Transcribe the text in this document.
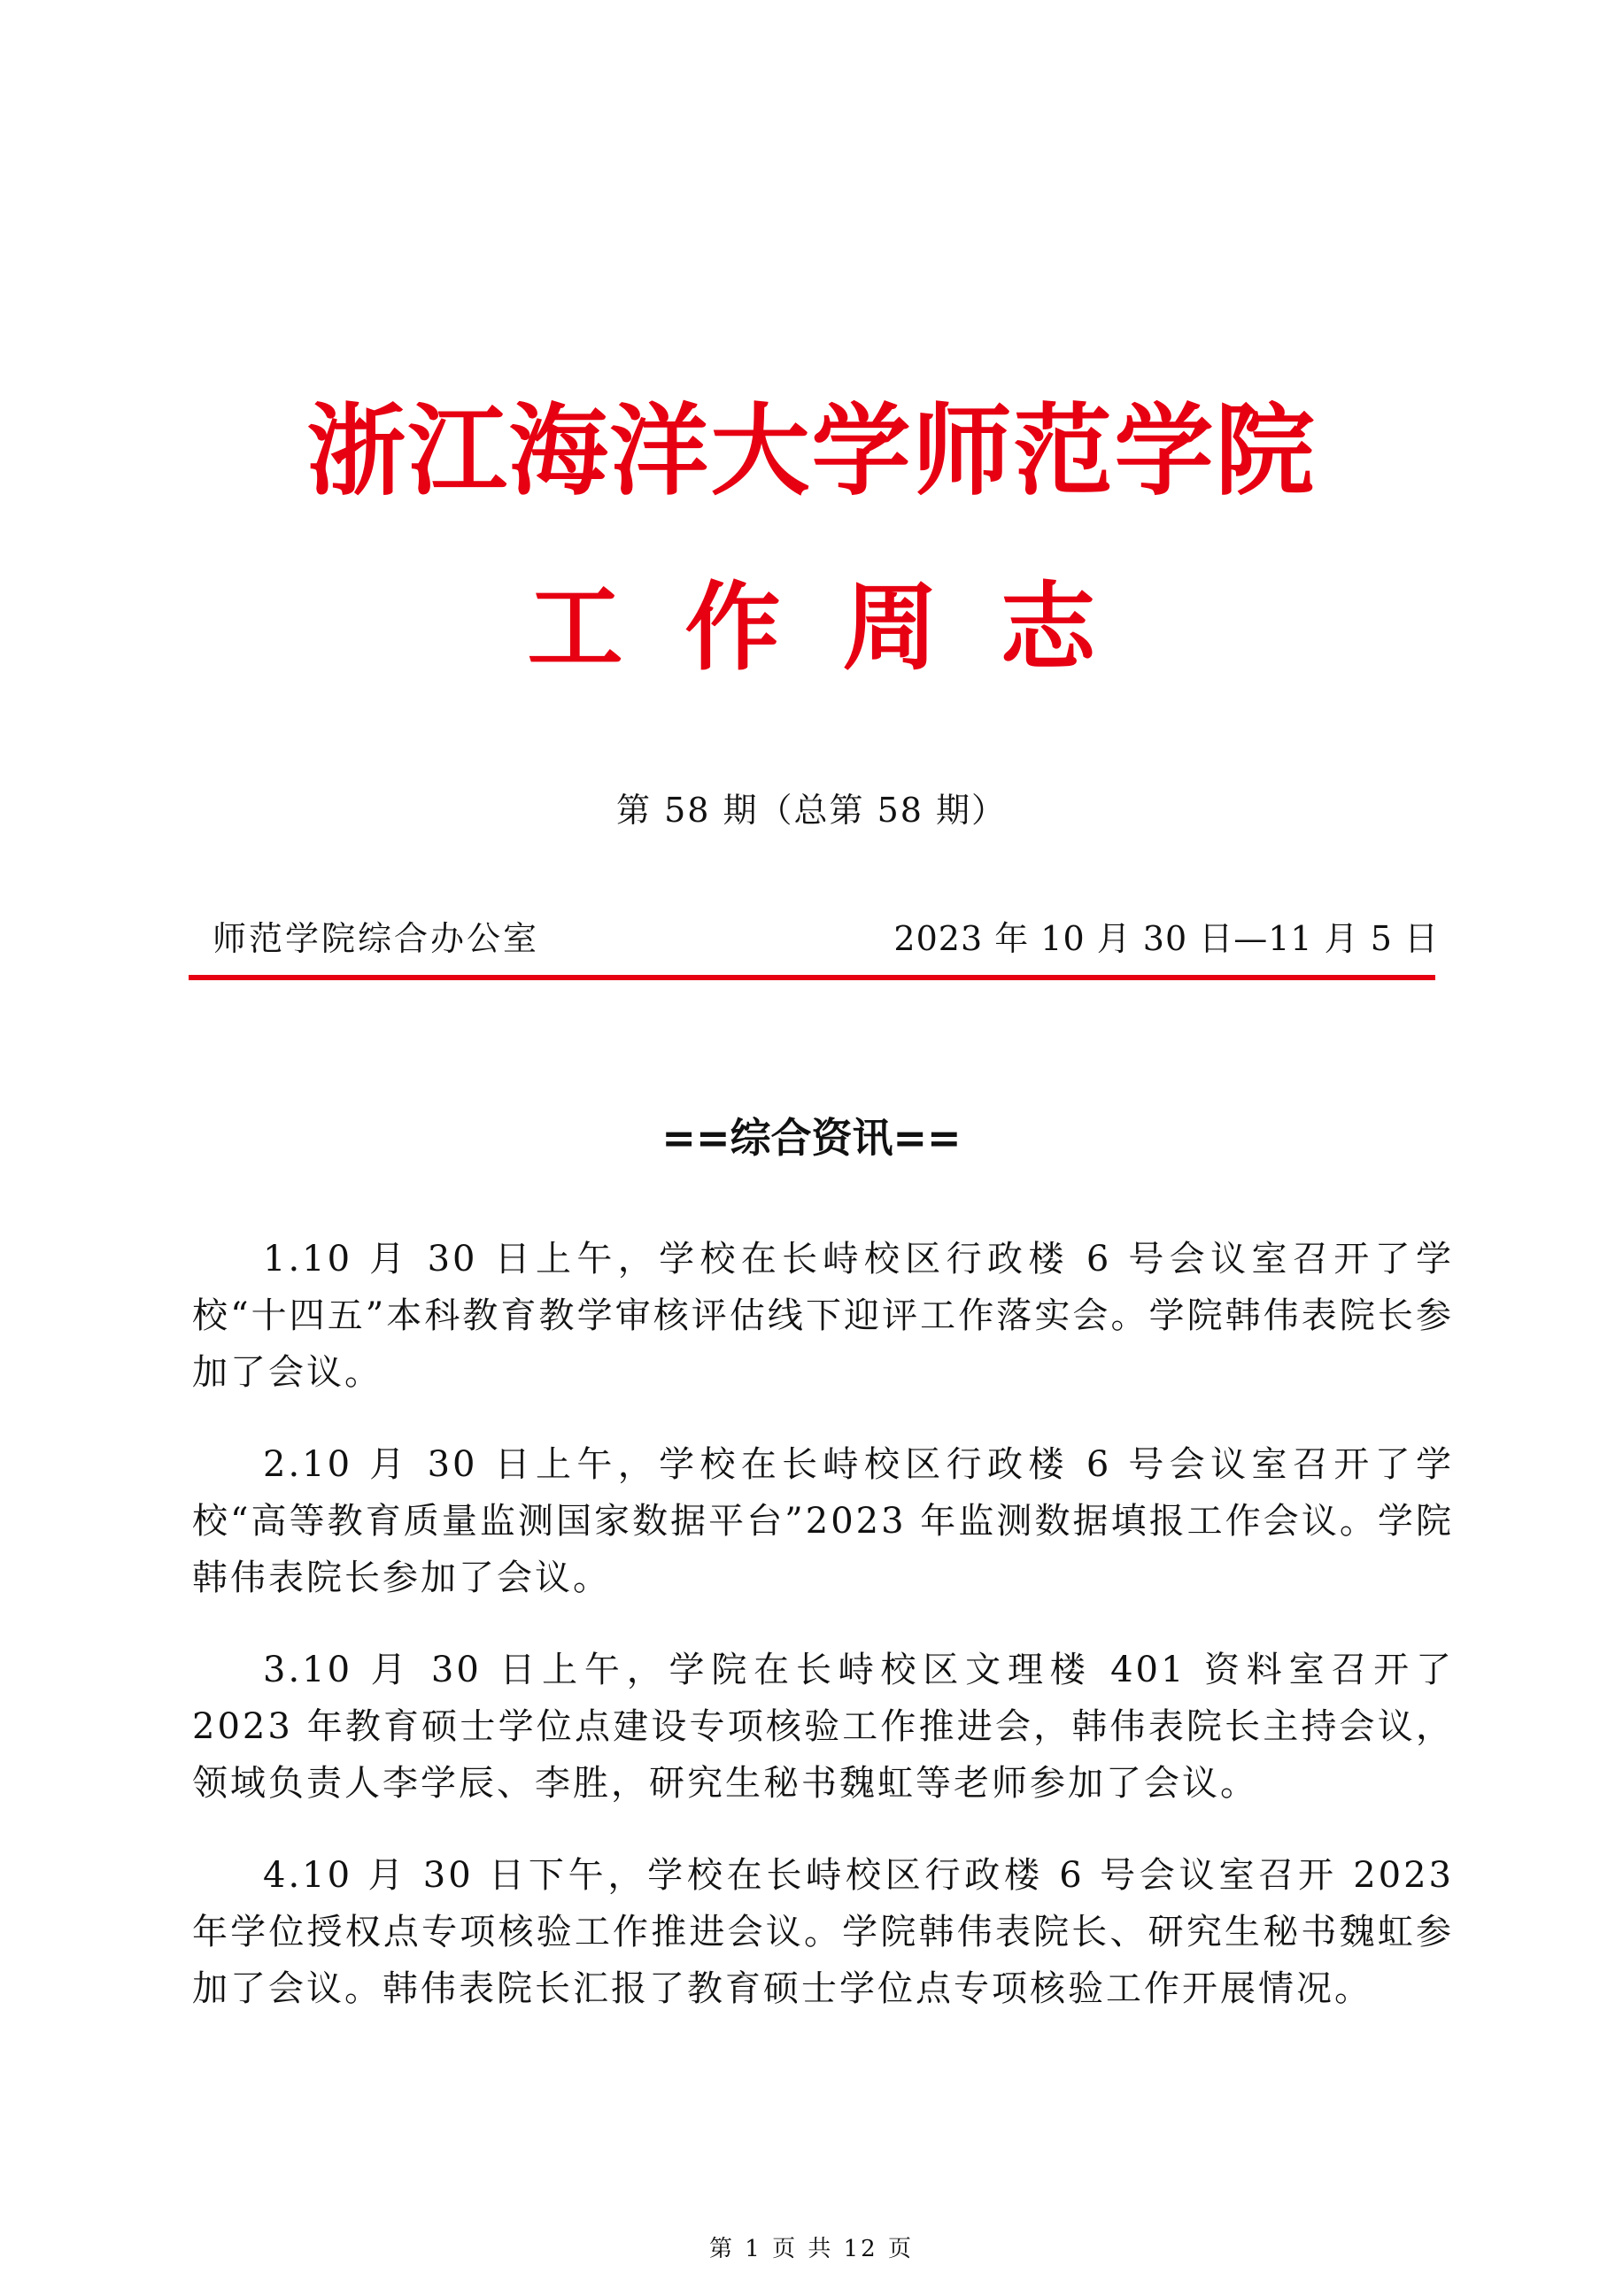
浙江海洋大学师范学院
工作周志
第 58 期（总第 58 期）
师范学院综合办公室	2023 年 10 月 30 日—11 月 5 日
==综合资讯==

1.10 月 30 日上午，学校在长峙校区行政楼 6 号会议室召开了学校“十四五”本科教育教学审核评估线下迎评工作落实会。学院韩伟表院长参加了会议。

2.10 月 30 日上午，学校在长峙校区行政楼 6 号会议室召开了学校“高等教育质量监测国家数据平台”2023 年监测数据填报工作会议。学院韩伟表院长参加了会议。

3.10 月 30 日上午，学院在长峙校区文理楼 401 资料室召开了 2023 年教育硕士学位点建设专项核验工作推进会，韩伟表院长主持会议，领域负责人李学辰、李胜，研究生秘书魏虹等老师参加了会议。

4.10 月 30 日下午，学校在长峙校区行政楼 6 号会议室召开 2023 年学位授权点专项核验工作推进会议。学院韩伟表院长、研究生秘书魏虹参加了会议。韩伟表院长汇报了教育硕士学位点专项核验工作开展情况。

第 1 页 共 12 页
